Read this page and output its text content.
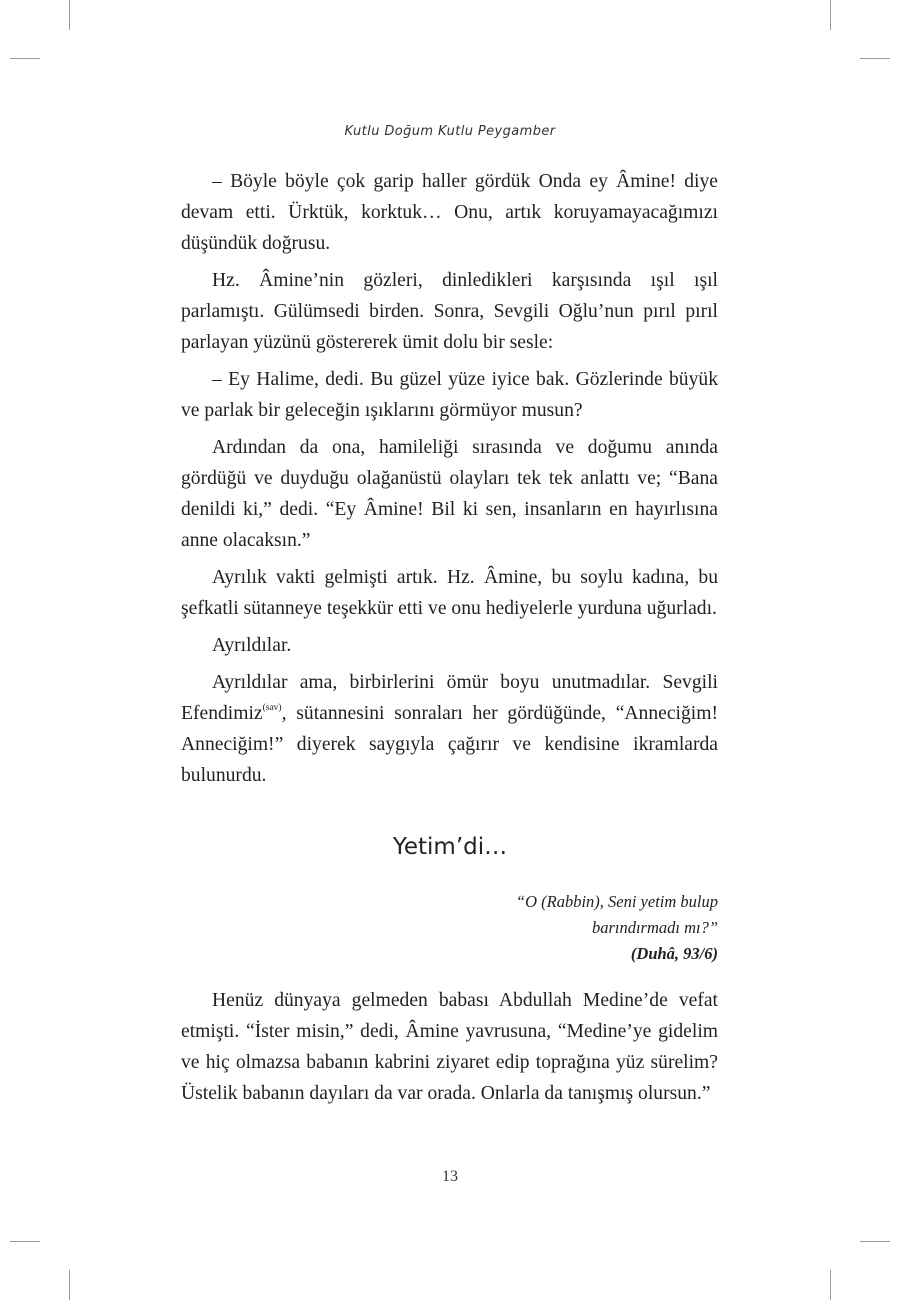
Kutlu Doğum Kutlu Peygamber

– Böyle böyle çok garip haller gördük Onda ey Âmine! diye devam etti. Ürktük, korktuk… Onu, artık koruyamayacağımızı düşündük doğrusu.

Hz. Âmine’nin gözleri, dinledikleri karşısında ışıl ışıl parlamıştı. Gülümsedi birden. Sonra, Sevgili Oğlu’nun pırıl pırıl parlayan yüzünü göstererek ümit dolu bir sesle:

– Ey Halime, dedi. Bu güzel yüze iyice bak. Gözlerinde büyük ve parlak bir geleceğin ışıklarını görmüyor musun?

Ardından da ona, hamileliği sırasında ve doğumu anında gördüğü ve duyduğu olağanüstü olayları tek tek anlattı ve; “Bana denildi ki,” dedi. “Ey Âmine! Bil ki sen, insanların en hayırlısına anne olacaksın.”

Ayrılık vakti gelmişti artık. Hz. Âmine, bu soylu kadına, bu şefkatli sütanneye teşekkür etti ve onu hediyelerle yurduna uğurladı.

Ayrıldılar.

Ayrıldılar ama, birbirlerini ömür boyu unutmadılar. Sevgili Efendimiz$^{(sav)}$, sütannesini sonraları her gördüğünde, “Anneciğim! Anneciğim!” diyerek saygıyla çağırır ve kendisine ikramlarda bulunurdu.

Yetim’di…
“O (Rabbin), Seni yetim bulup
barındırmadı mı?”
(Duhâ, 93/6)

Henüz dünyaya gelmeden babası Abdullah Medine’de vefat etmişti. “İster misin,” dedi, Âmine yavrusuna, “Medine’ye gidelim ve hiç olmazsa babanın kabrini ziyaret edip toprağına yüz sürelim? Üstelik babanın dayıları da var orada. Onlarla da tanışmış olursun.”

13
